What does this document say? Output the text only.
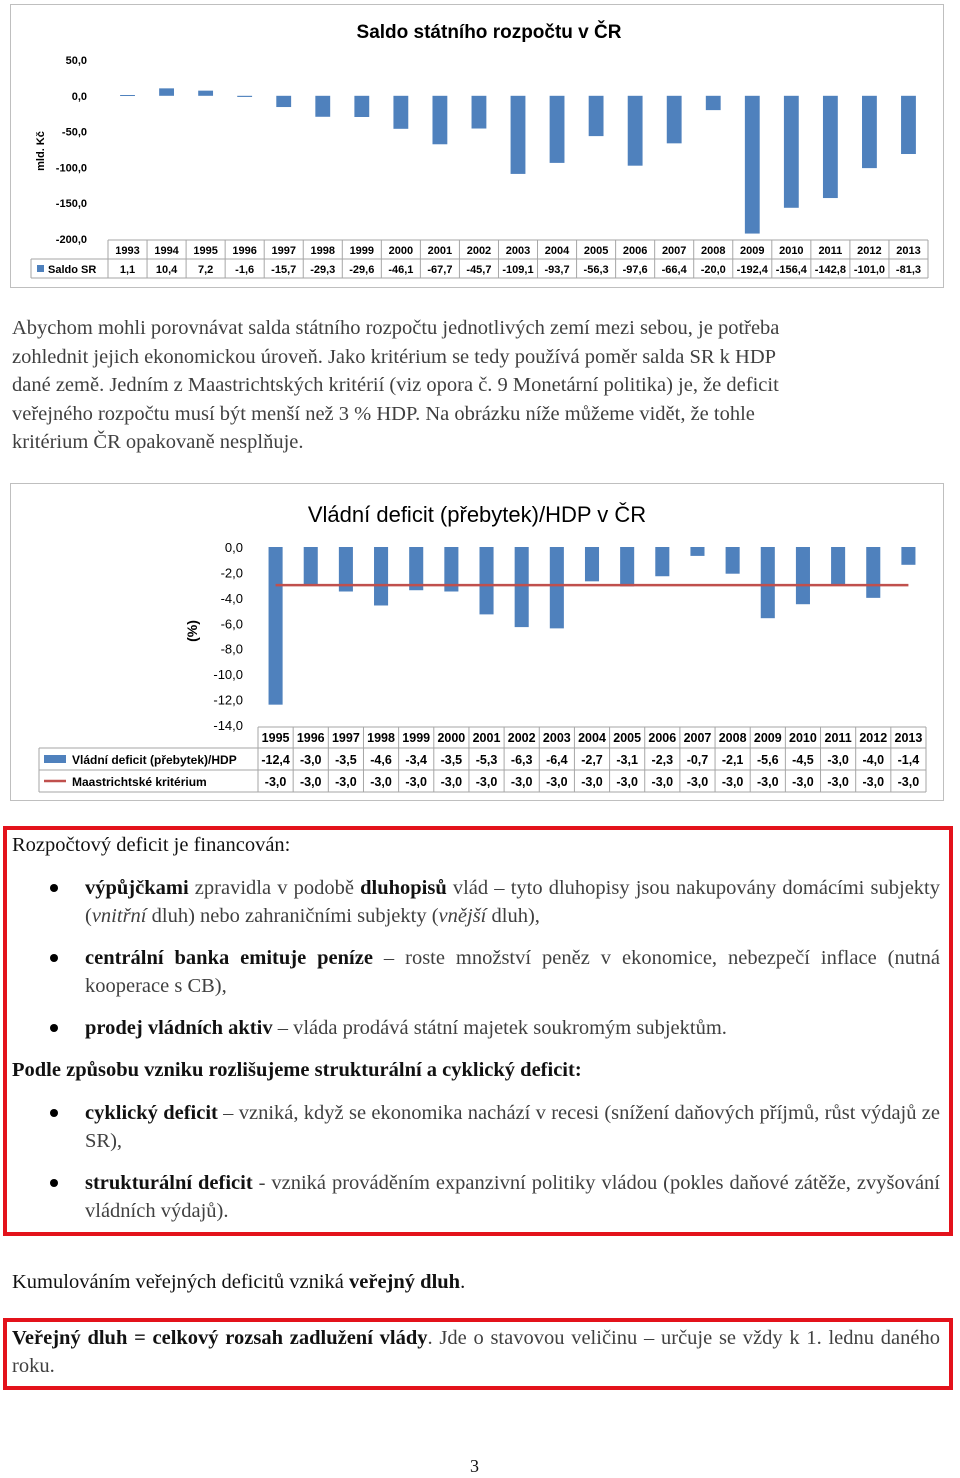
Saldo státního rozpočtu v ČR
mld. Kč
50,0
0,0
-50,0
-100,0
-150,0
-200,0
1993
1,1
1994
10,4
1995
7,2
1996
-1,6
1997
-15,7
1998
-29,3
1999
-29,6
2000
-46,1
2001
-67,7
2002
-45,7
2003
-109,1
2004
-93,7
2005
-56,3
2006
-97,6
2007
-66,4
2008
-20,0
2009
-192,4
2010
-156,4
2011
-142,8
2012
-101,0
2013
-81,3
Saldo SR
Abychom mohli porovnávat salda státního rozpočtu jednotlivých zemí mezi sebou, je potřeba
zohlednit jejich ekonomickou úroveň. Jako kritérium se tedy používá poměr salda SR k HDP
dané země. Jedním z Maastrichtských kritérií (viz opora č. 9 Monetární politika) je, že deficit
veřejného rozpočtu musí být menší než 3 % HDP. Na obrázku níže můžeme vidět, že tohle
kritérium ČR opakovaně nesplňuje.
Vládní deficit (přebytek)/HDP v ČR
(%)
0,0
-2,0
-4,0
-6,0
-8,0
-10,0
-12,0
-14,0
1995
-12,4
-3,0
1996
-3,0
-3,0
1997
-3,5
-3,0
1998
-4,6
-3,0
1999
-3,4
-3,0
2000
-3,5
-3,0
2001
-5,3
-3,0
2002
-6,3
-3,0
2003
-6,4
-3,0
2004
-2,7
-3,0
2005
-3,1
-3,0
2006
-2,3
-3,0
2007
-0,7
-3,0
2008
-2,1
-3,0
2009
-5,6
-3,0
2010
-4,5
-3,0
2011
-3,0
-3,0
2012
-4,0
-3,0
2013
-1,4
-3,0
Vládní deficit (přebytek)/HDP
Maastrichtské kritérium
Rozpočtový deficit je financován:
výpůjčkami zpravidla v podobě dluhopisů vlád – tyto dluhopisy jsou nakupovány domácími subjekty (vnitřní dluh) nebo zahraničními subjekty (vnější dluh),
centrální banka emituje peníze – roste množství peněz v ekonomice, nebezpečí inflace (nutná kooperace s CB),
prodej vládních aktiv – vláda prodává státní majetek soukromým subjektům.
Podle způsobu vzniku rozlišujeme strukturální a cyklický deficit:
cyklický deficit – vzniká, když se ekonomika nachází v recesi (snížení daňových příjmů, růst výdajů ze SR),
strukturální deficit - vzniká prováděním expanzivní politiky vládou (pokles daňové zátěže, zvyšování vládních výdajů).
Kumulováním veřejných deficitů vzniká veřejný dluh.
Veřejný dluh = celkový rozsah zadlužení vlády. Jde o stavovou veličinu – určuje se vždy k 1. lednu daného roku.
3
